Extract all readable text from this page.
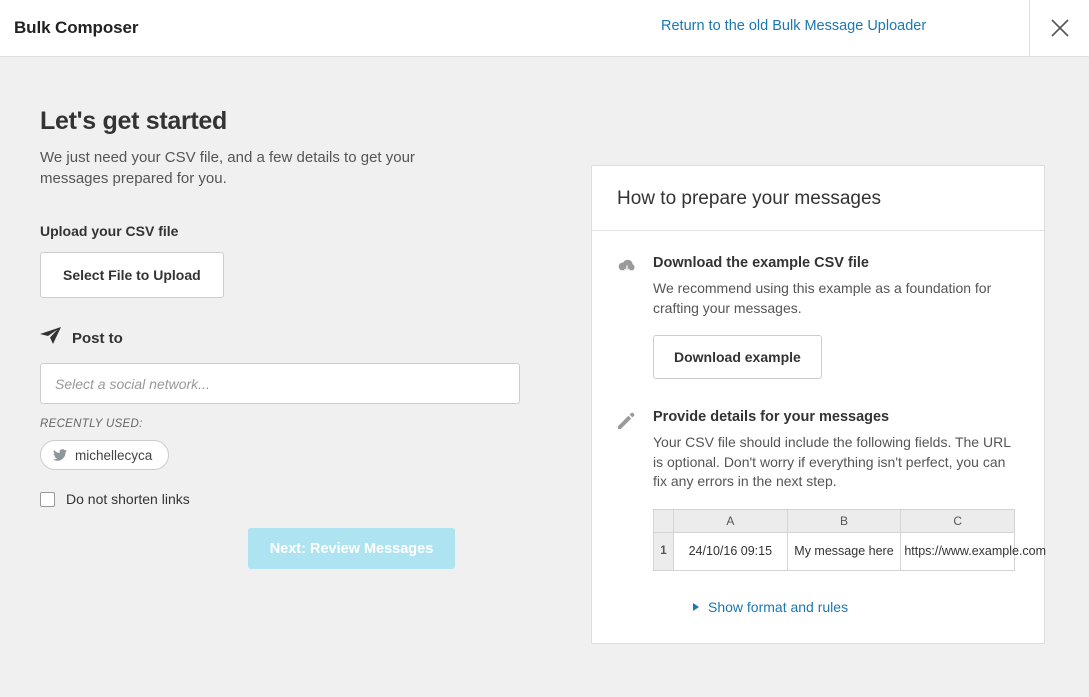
Bulk Composer	Return to the old Bulk Message Uploader
Let's get started
We just need your CSV file, and a few details to get your messages prepared for you.
Upload your CSV file
Select File to Upload
Post to
Select a social network...
RECENTLY USED:
michellecyca
Do not shorten links
Next: Review Messages
How to prepare your messages
Download the example CSV file
We recommend using this example as a foundation for crafting your messages.
Download example
Provide details for your messages
Your CSV file should include the following fields. The URL is optional. Don't worry if everything isn't perfect, you can fix any errors in the next step.
	A	B	C
1	24/10/16 09:15	My message here	https://www.example.com
Show format and rules
